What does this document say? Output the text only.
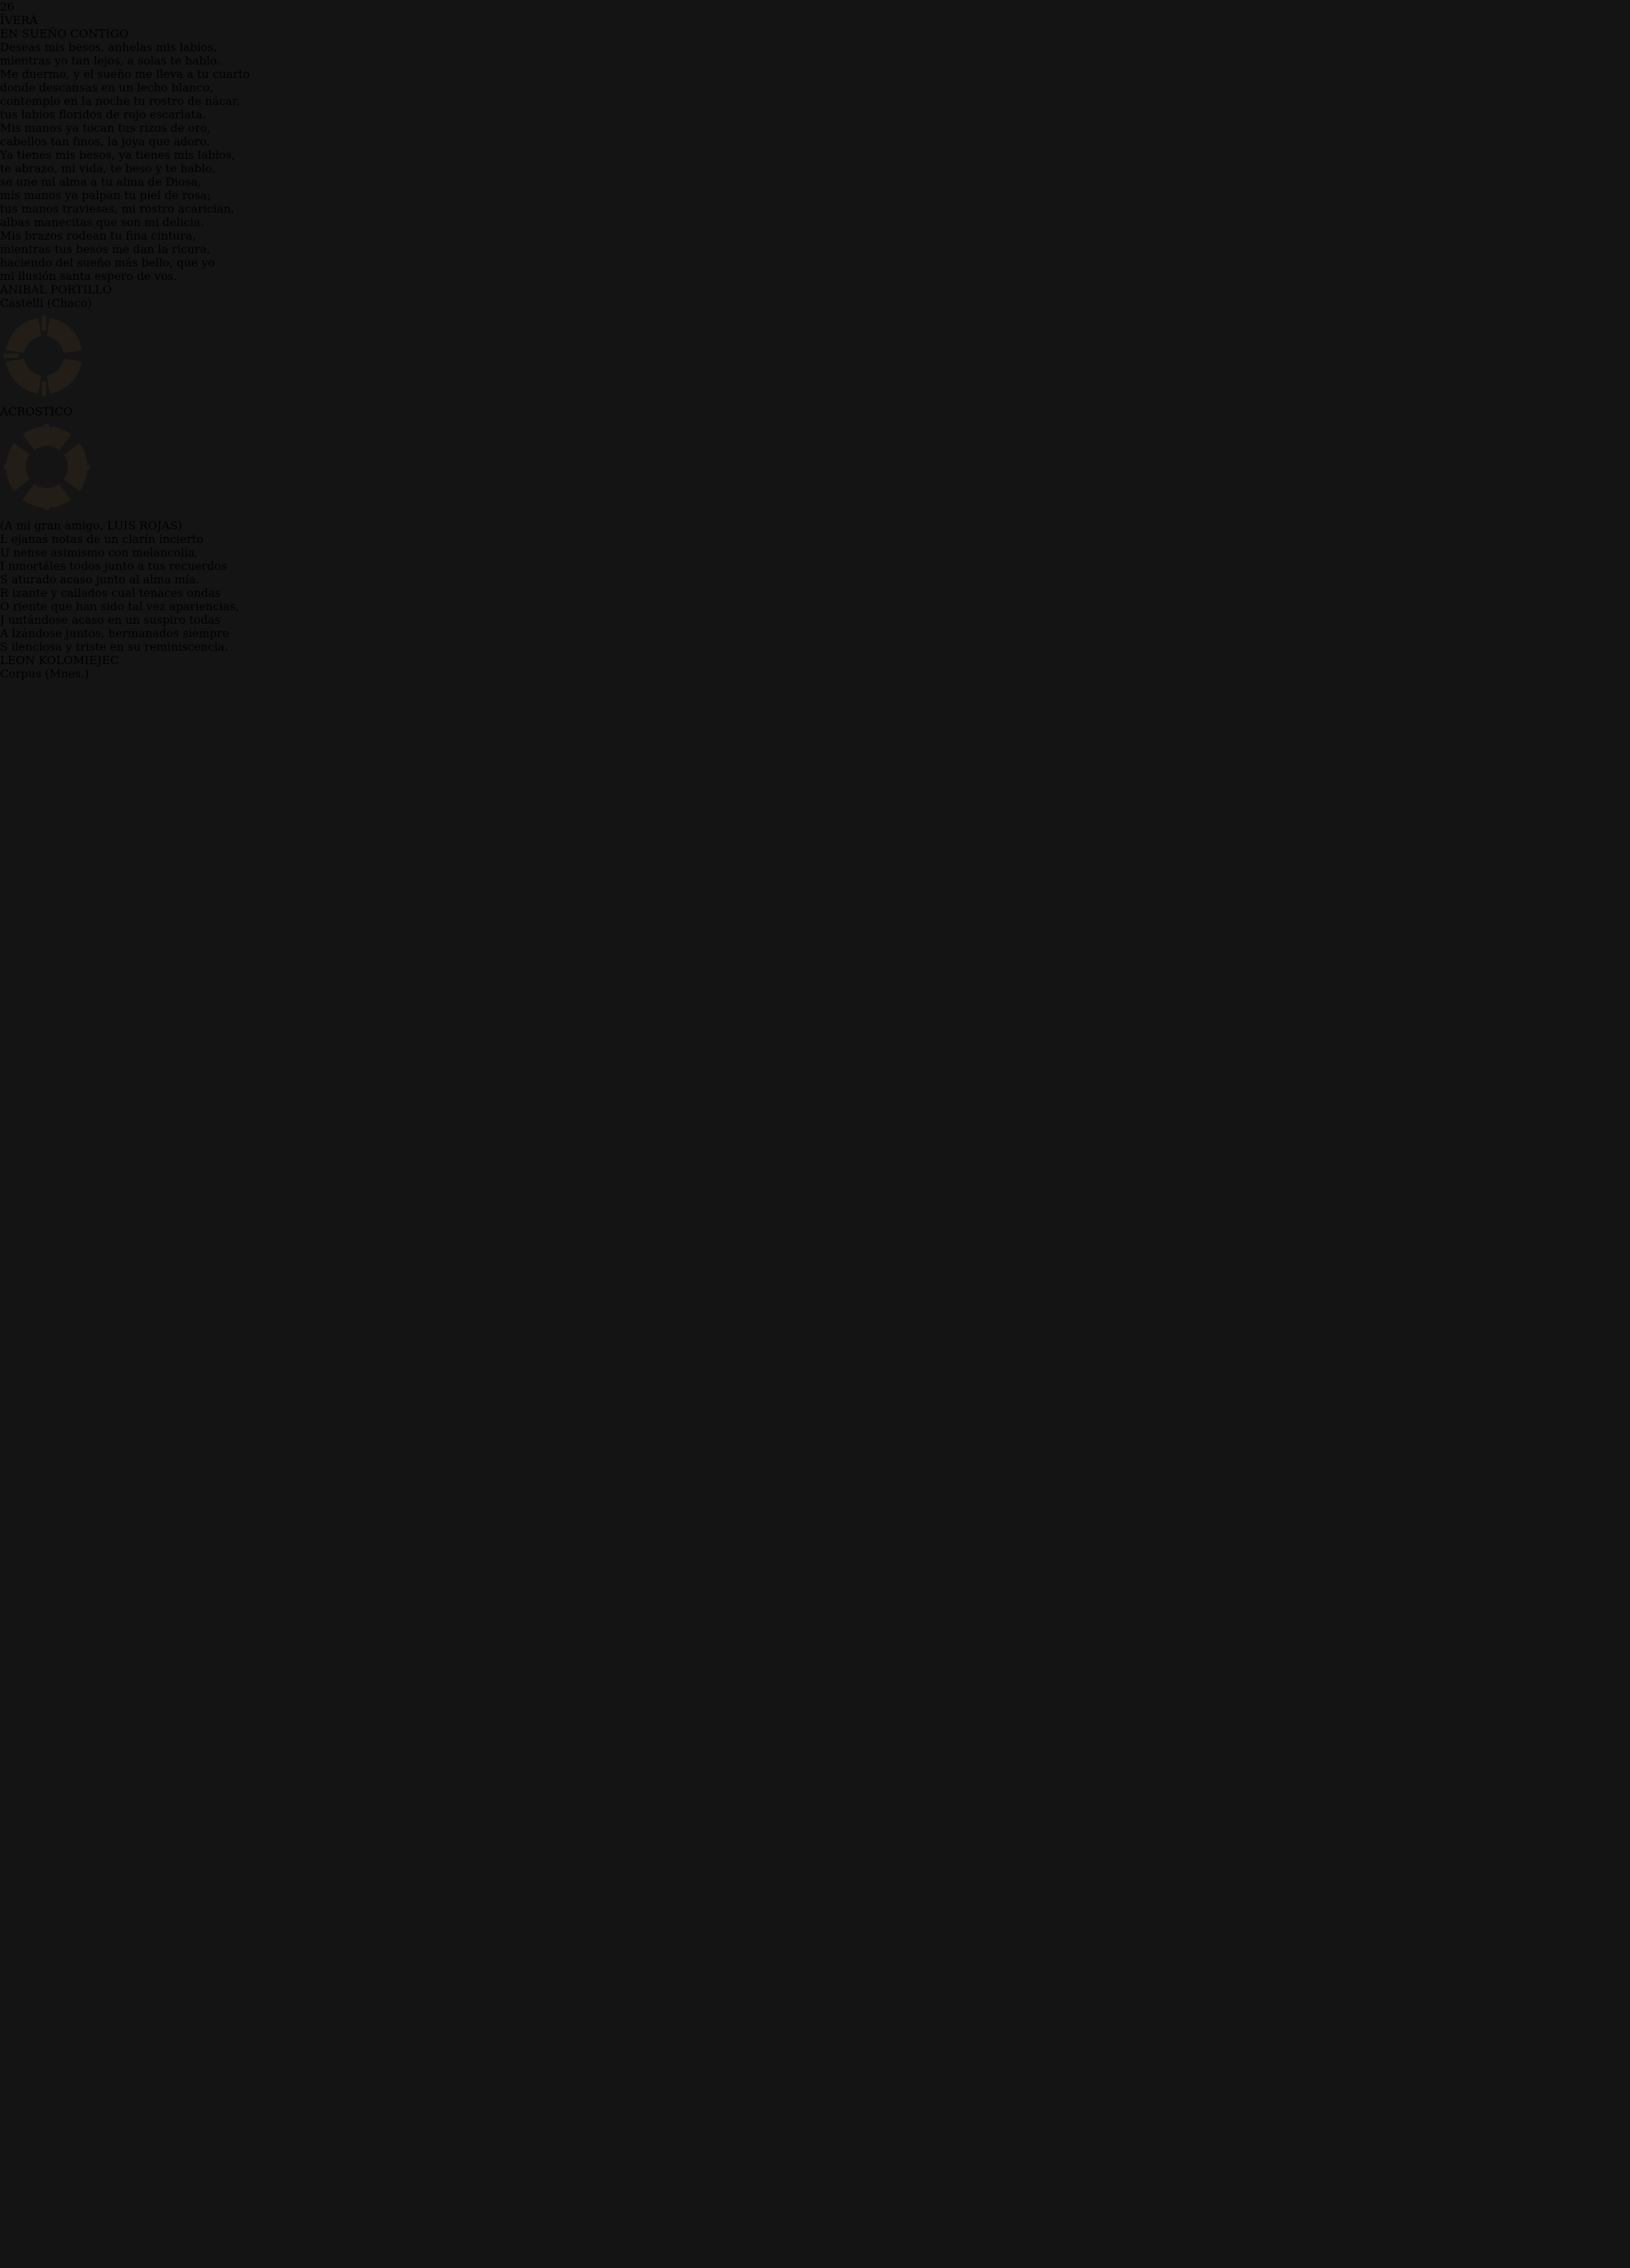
26
ÎVERÁ
EN SUEÑO CONTIGO
Deseas mis besos, anhelas mis labios,
mientras yo tan lejos, a solas te hablo.
Me duermo, y el sueño me lleva a tu cuarto
donde descansas en un lecho blanco,
contemplo en la noche tu rostro de nácar,
tus labios floridos de rojo escarlata.
Mis manos ya tocan tus rizos de oro,
cabellos tan finos, la joya que adoro.
Ya tienes mis besos, ya tienes mis labios,
te abrazo, mi vida, te beso y te hablo,
se une mi alma a tu alma de Diosa,
mis manos ya palpan tu piel de rosa;
tus manos traviesas, mi rostro acarician,
albas manecitas que son mi delicia.
Mis brazos rodean tu fina cintura,
mientras tus besos me dan la ricura,
haciendo del sueño más bello, que yo
mi ilusión santa espero de vos.
ANIBAL PORTILLO
Castelli (Chaco)
ACROSTICO
(A mi gran amigo, LUIS ROJAS)
L ejanas notas de un clarín incierto
U nense asimismo con melancolía,
I nmortáles todos junto a tus recuerdos
S aturado acaso junto al alma mía.
R izante y callados cual tenaces ondas
O riente que han sido tal vez apariencias,
J untándose acaso en un suspiro todas
A lzándose juntos, hermanados siempre
S ilenciosa y triste en su reminiscencia.
LEON KOLOMIEJEC
Corpus (Mnes.)
